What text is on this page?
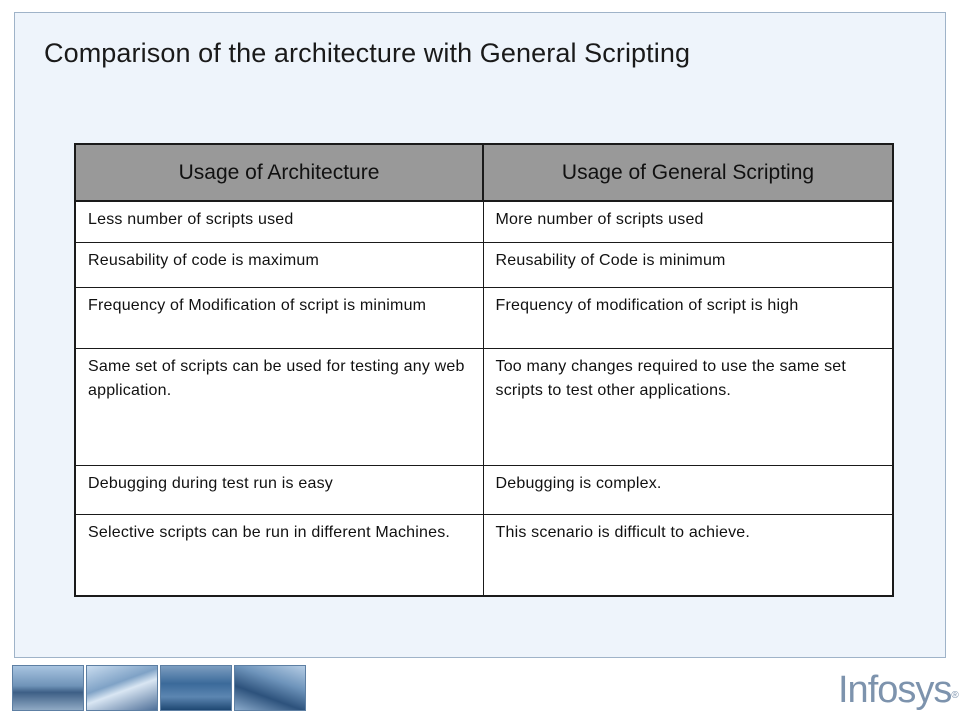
Comparison of the architecture with General Scripting
Usage of Architecture	Usage of General Scripting
Less number of scripts used	More number of scripts used
Reusability of code is maximum	Reusability of Code is minimum
Frequency of Modification of script is minimum	Frequency of modification of script is high
Same set of scripts can be used for testing any web application.	Too many changes required to use the same set scripts to test other applications.
Debugging during test run is easy	Debugging is complex.
Selective scripts can be run in different Machines.	This scenario is difficult to achieve.
Infosys®
